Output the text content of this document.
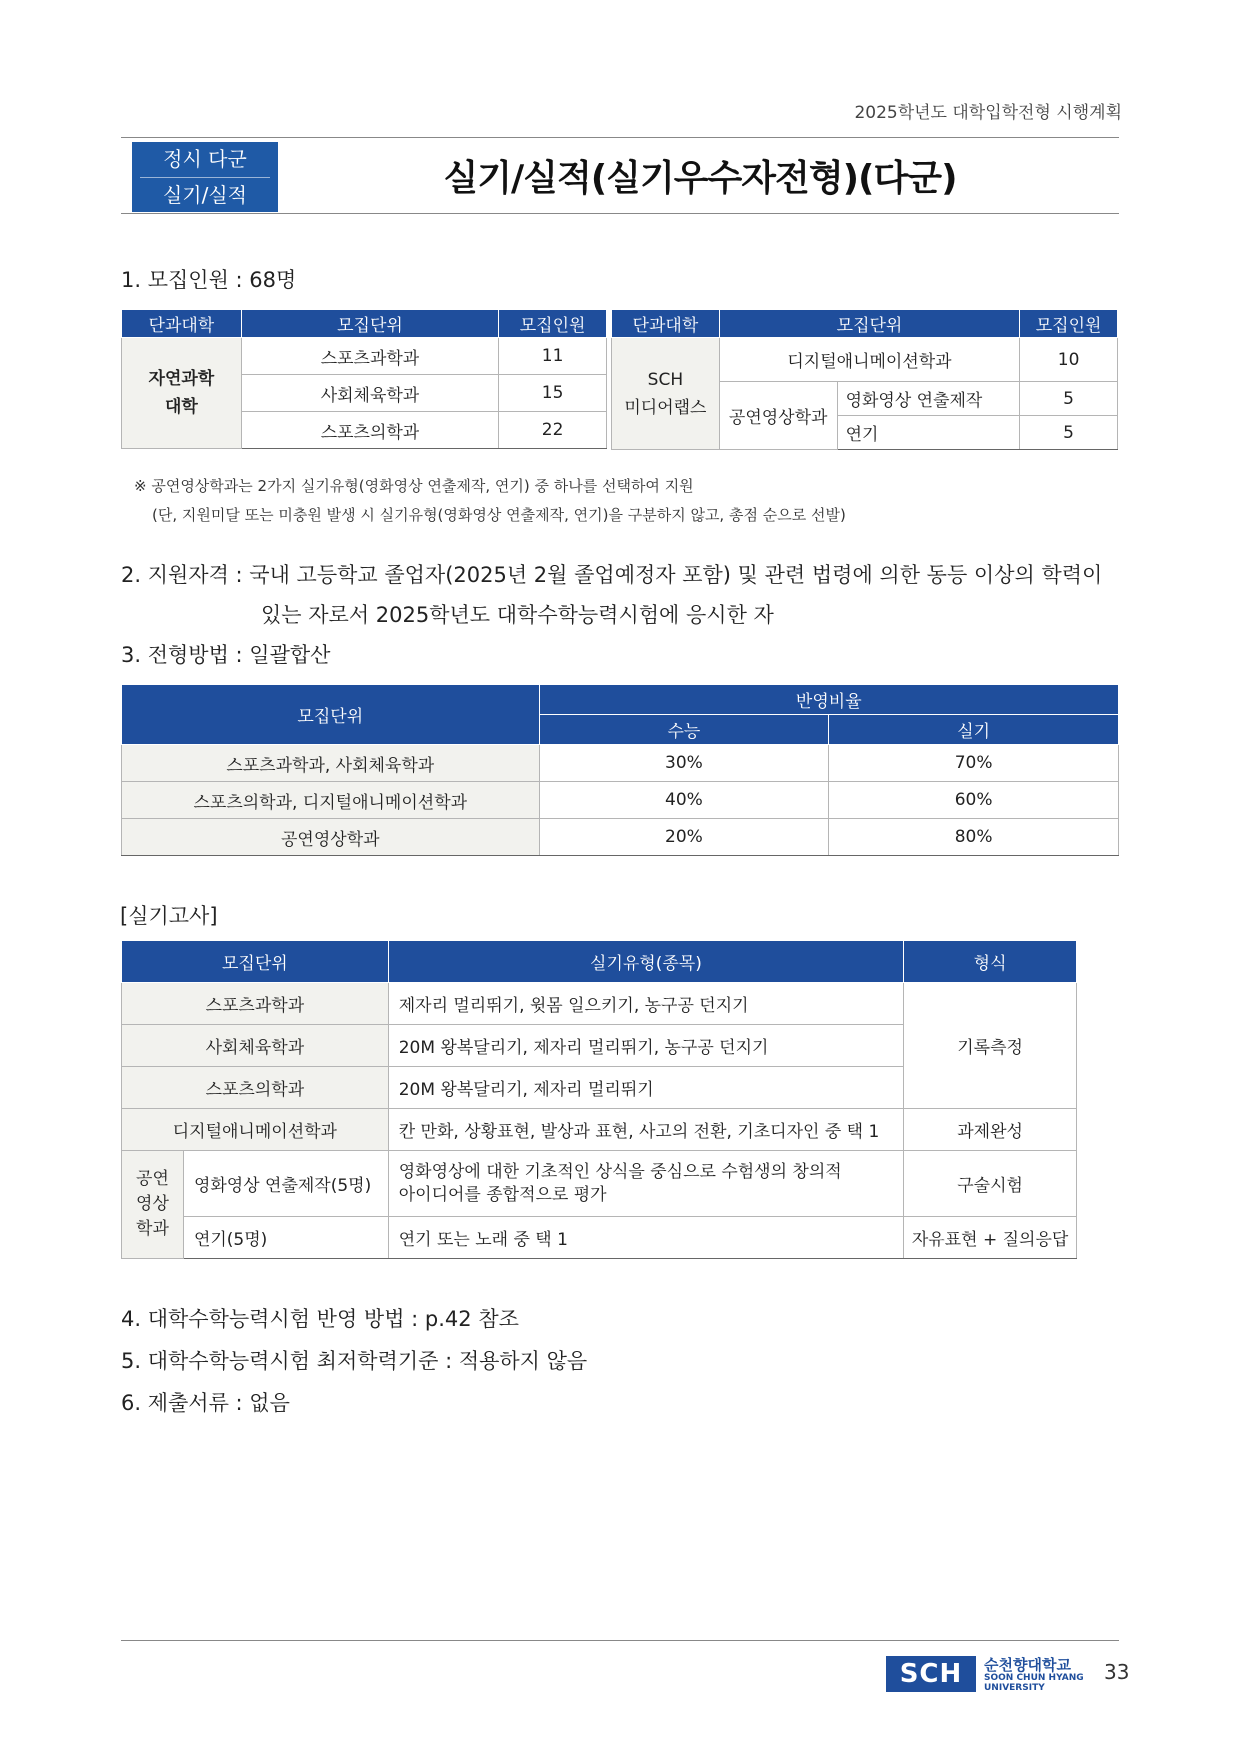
2025학년도 대학입학전형 시행계획
정시 다군
실기/실적	실기/실적(실기우수자전형)(다군)
1. 모집인원 : 68명
단과대학	모집단위	모집인원
자연과학
대학	스포츠과학과	11
	사회체육학과	15
	스포츠의학과	22
단과대학	모집단위		모집인원
SCH
미디어랩스	디지털애니메이션학과		10
	공연영상학과	영화영상 연출제작	5
		연기	5
※ 공연영상학과는 2가지 실기유형(영화영상 연출제작, 연기) 중 하나를 선택하여 지원
(단, 지원미달 또는 미충원 발생 시 실기유형(영화영상 연출제작, 연기)을 구분하지 않고, 총점 순으로 선발)
2. 지원자격 : 국내 고등학교 졸업자(2025년 2월 졸업예정자 포함) 및 관련 법령에 의한 동등 이상의 학력이
있는 자로서 2025학년도 대학수학능력시험에 응시한 자
3. 전형방법 : 일괄합산
모집단위	반영비율	
	수능	실기
스포츠과학과, 사회체육학과	30%	70%
스포츠의학과, 디지털애니메이션학과	40%	60%
공연영상학과	20%	80%
[실기고사]
모집단위		실기유형(종목)	형식
스포츠과학과		제자리 멀리뛰기, 윗몸 일으키기, 농구공 던지기	기록측정
사회체육학과		20M 왕복달리기, 제자리 멀리뛰기, 농구공 던지기	
스포츠의학과		20M 왕복달리기, 제자리 멀리뛰기	
디지털애니메이션학과		칸 만화, 상황표현, 발상과 표현, 사고의 전환, 기초디자인 중 택 1	과제완성
공연
영상
학과	영화영상 연출제작(5명)	영화영상에 대한 기초적인 상식을 중심으로 수험생의 창의적
아이디어를 종합적으로 평가	구술시험
	연기(5명)	연기 또는 노래 중 택 1	자유표현 + 질의응답
4. 대학수학능력시험 반영 방법 : p.42 참조
5. 대학수학능력시험 최저학력기준 : 적용하지 않음
6. 제출서류 : 없음
SCH	순천향대학교
SOON CHUN HYANG
UNIVERSITY
33
